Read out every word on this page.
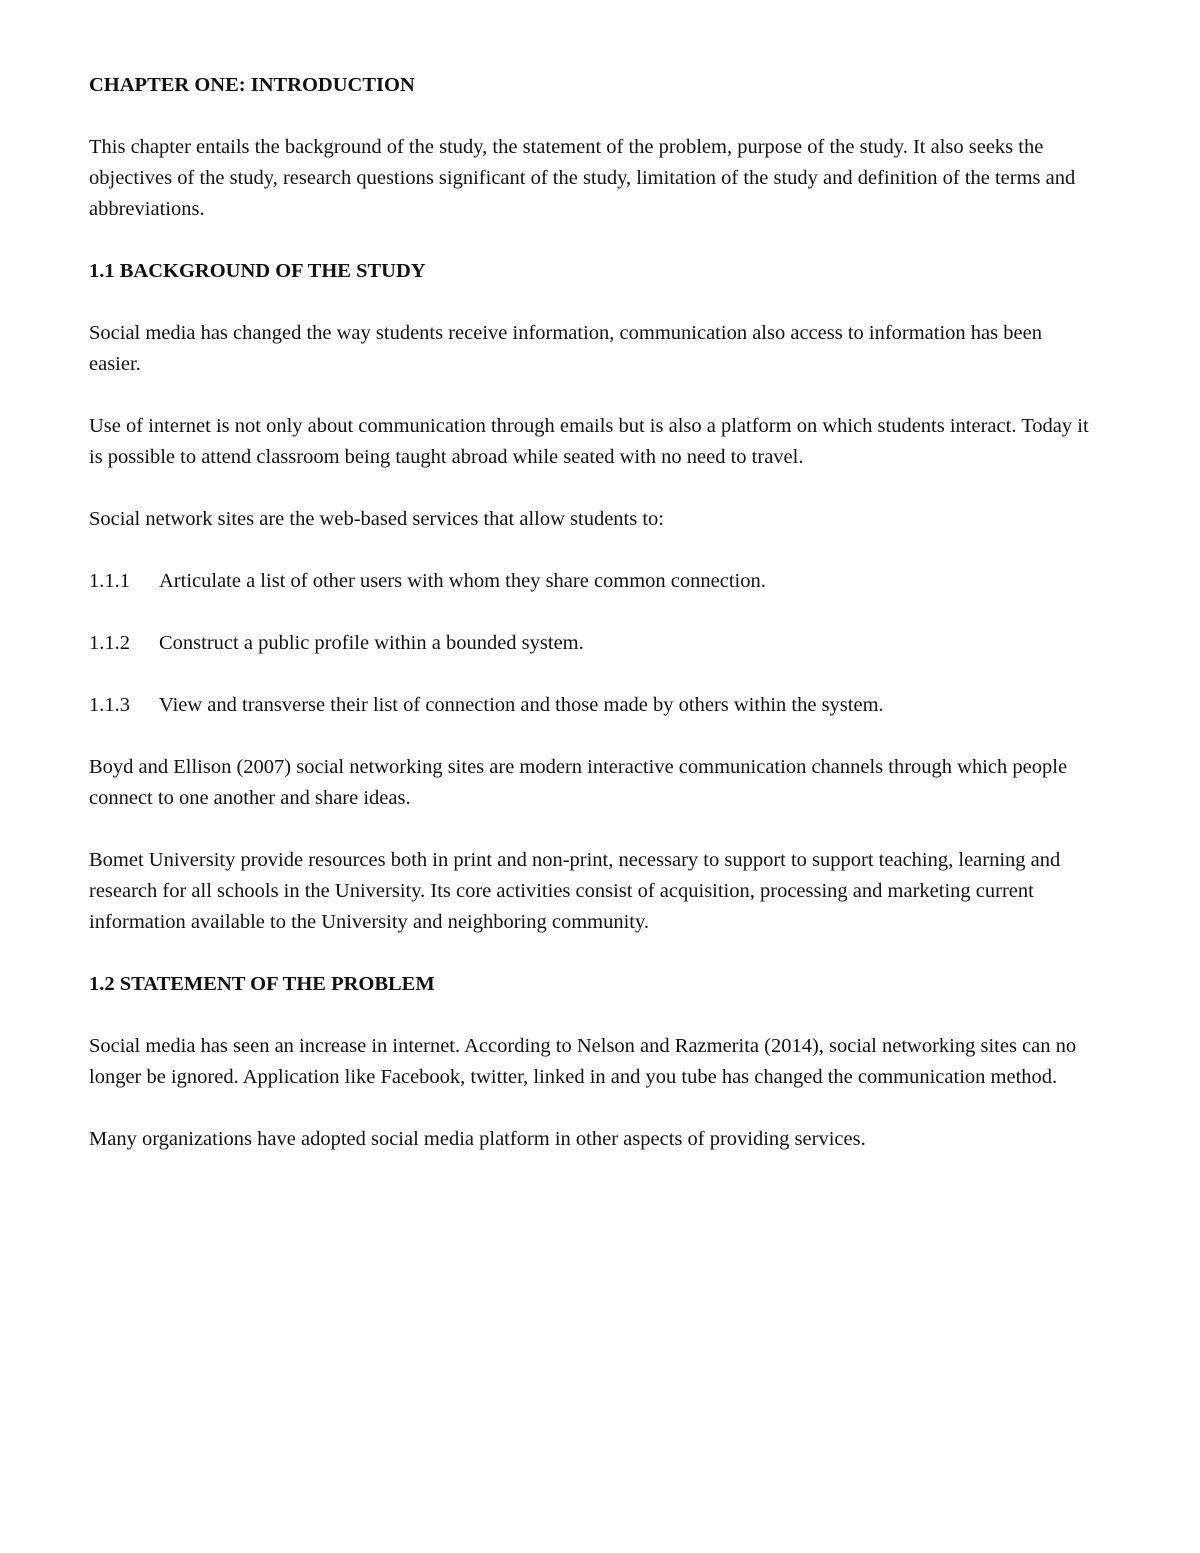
CHAPTER ONE: INTRODUCTION

This chapter entails the background of the study, the statement of the problem, purpose of the study. It also seeks the objectives of the study, research questions significant of the study, limitation of the study and definition of the terms and abbreviations.

1.1 BACKGROUND OF THE STUDY

Social media has changed the way students receive information, communication also access to information has been easier.

Use of internet is not only about communication through emails but is also a platform on which students interact. Today it is possible to attend classroom being taught abroad while seated with no need to travel.

Social network sites are the web-based services that allow students to:

1.1.1	Articulate a list of other users with whom they share common connection.

1.1.2	Construct a public profile within a bounded system.

1.1.3	View and transverse their list of connection and those made by others within the system.

Boyd and Ellison (2007) social networking sites are modern interactive communication channels through which people connect to one another and share ideas.

Bomet University provide resources both in print and non-print, necessary to support to support teaching, learning and research for all schools in the University. Its core activities consist of acquisition, processing and marketing current information available to the University and neighboring community.

1.2 STATEMENT OF THE PROBLEM

Social media has seen an increase in internet. According to Nelson and Razmerita (2014), social networking sites can no longer be ignored. Application like Facebook, twitter, linked in and you tube has changed the communication method.

Many organizations have adopted social media platform in other aspects of providing services.
